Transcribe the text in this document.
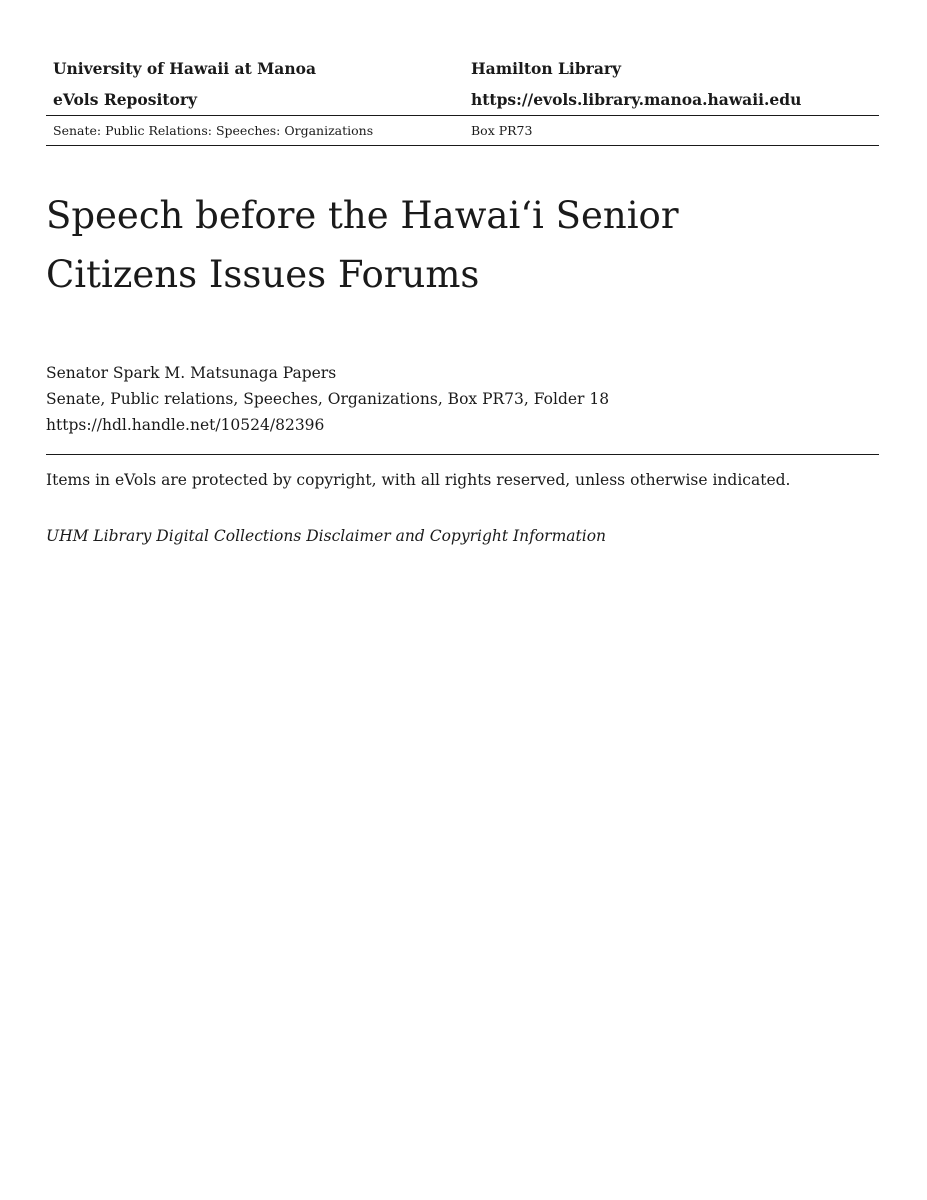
University of Hawaii at Manoa	Hamilton Library
eVols Repository	https://evols.library.manoa.hawaii.edu
Senate: Public Relations: Speeches: Organizations	Box PR73
Speech before the Hawai‘i Senior
Citizens Issues Forums
Senator Spark M. Matsunaga Papers
Senate, Public relations, Speeches, Organizations, Box PR73, Folder 18
https://hdl.handle.net/10524/82396
Items in eVols are protected by copyright, with all rights reserved, unless otherwise indicated.
UHM Library Digital Collections Disclaimer and Copyright Information
